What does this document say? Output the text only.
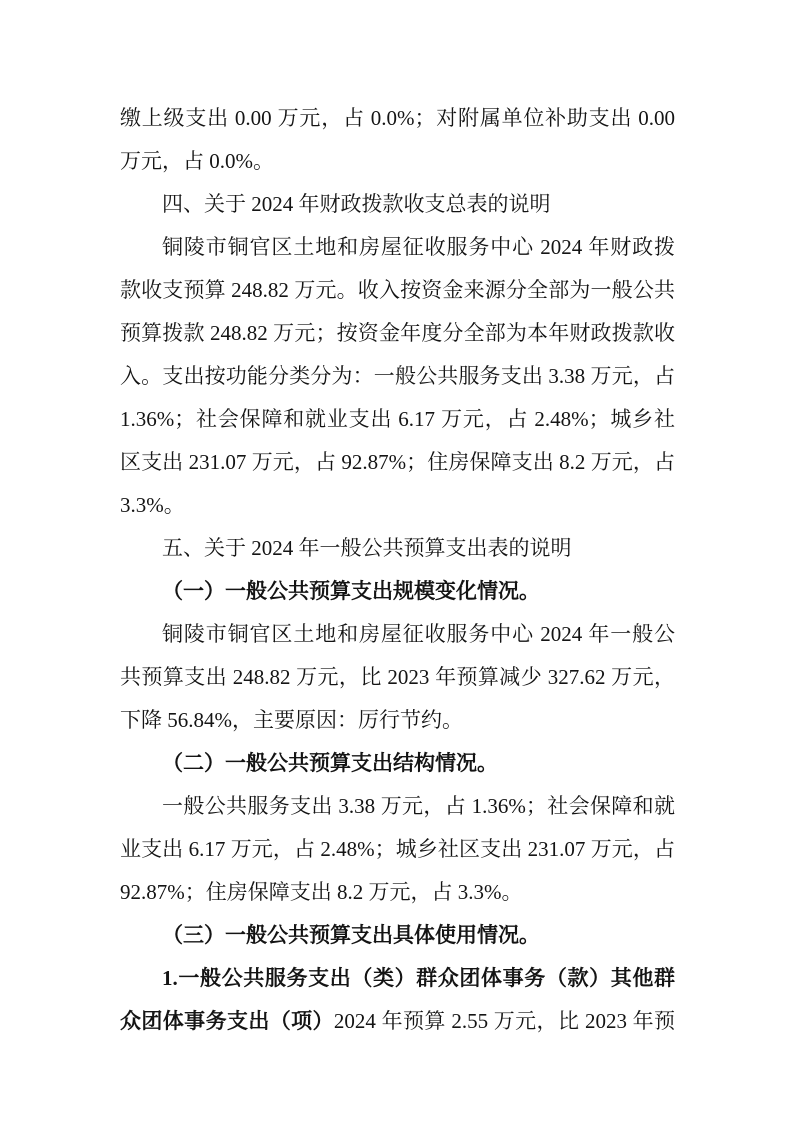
缴上级支出 0.00 万元，占 0.0%；对附属单位补助支出 0.00
万元，占 0.0%。
四、关于 2024 年财政拨款收支总表的说明
铜陵市铜官区土地和房屋征收服务中心 2024 年财政拨
款收支预算 248.82 万元。收入按资金来源分全部为一般公共
预算拨款 248.82 万元；按资金年度分全部为本年财政拨款收
入。支出按功能分类分为：一般公共服务支出 3.38 万元，占
1.36%；社会保障和就业支出 6.17 万元，占 2.48%；城乡社
区支出 231.07 万元，占 92.87%；住房保障支出 8.2 万元，占
3.3%。
五、关于 2024 年一般公共预算支出表的说明
（一）一般公共预算支出规模变化情况。
铜陵市铜官区土地和房屋征收服务中心 2024 年一般公
共预算支出 248.82 万元，比 2023 年预算减少 327.62 万元，
下降 56.84%，主要原因：厉行节约。
（二）一般公共预算支出结构情况。
一般公共服务支出 3.38 万元，占 1.36%；社会保障和就
业支出 6.17 万元，占 2.48%；城乡社区支出 231.07 万元，占
92.87%；住房保障支出 8.2 万元，占 3.3%。
（三）一般公共预算支出具体使用情况。
1.一般公共服务支出（类）群众团体事务（款）其他群
众团体事务支出（项）2024 年预算 2.55 万元，比 2023 年预
